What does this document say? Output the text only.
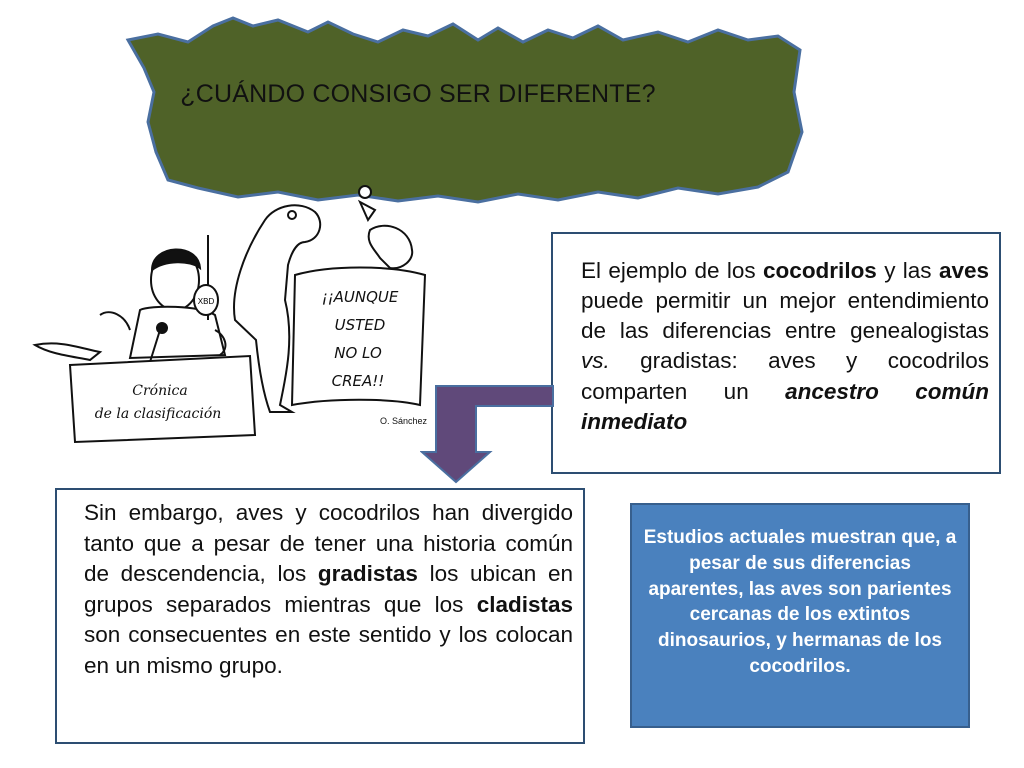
¿CUÁNDO CONSIGO SER DIFERENTE?
XBD	¡¡AUNQUE
USTED
NO LO
CREA!!
Crónica
de la clasificación	O. Sánchez
El ejemplo de los cocodrilos y las aves puede permitir un mejor entendimiento de las diferencias entre genealogistas vs. gradistas: aves y cocodrilos comparten un ancestro común inmediato
Sin embargo, aves y cocodrilos han divergido tanto que a pesar de tener una historia común de descendencia, los gradistas los ubican en grupos separados mientras que los cladistas son consecuentes en este sentido y los colocan en un mismo grupo.
Estudios actuales muestran que, a pesar de sus diferencias aparentes, las aves son parientes cercanas de los extintos dinosaurios, y hermanas de los cocodrilos.
